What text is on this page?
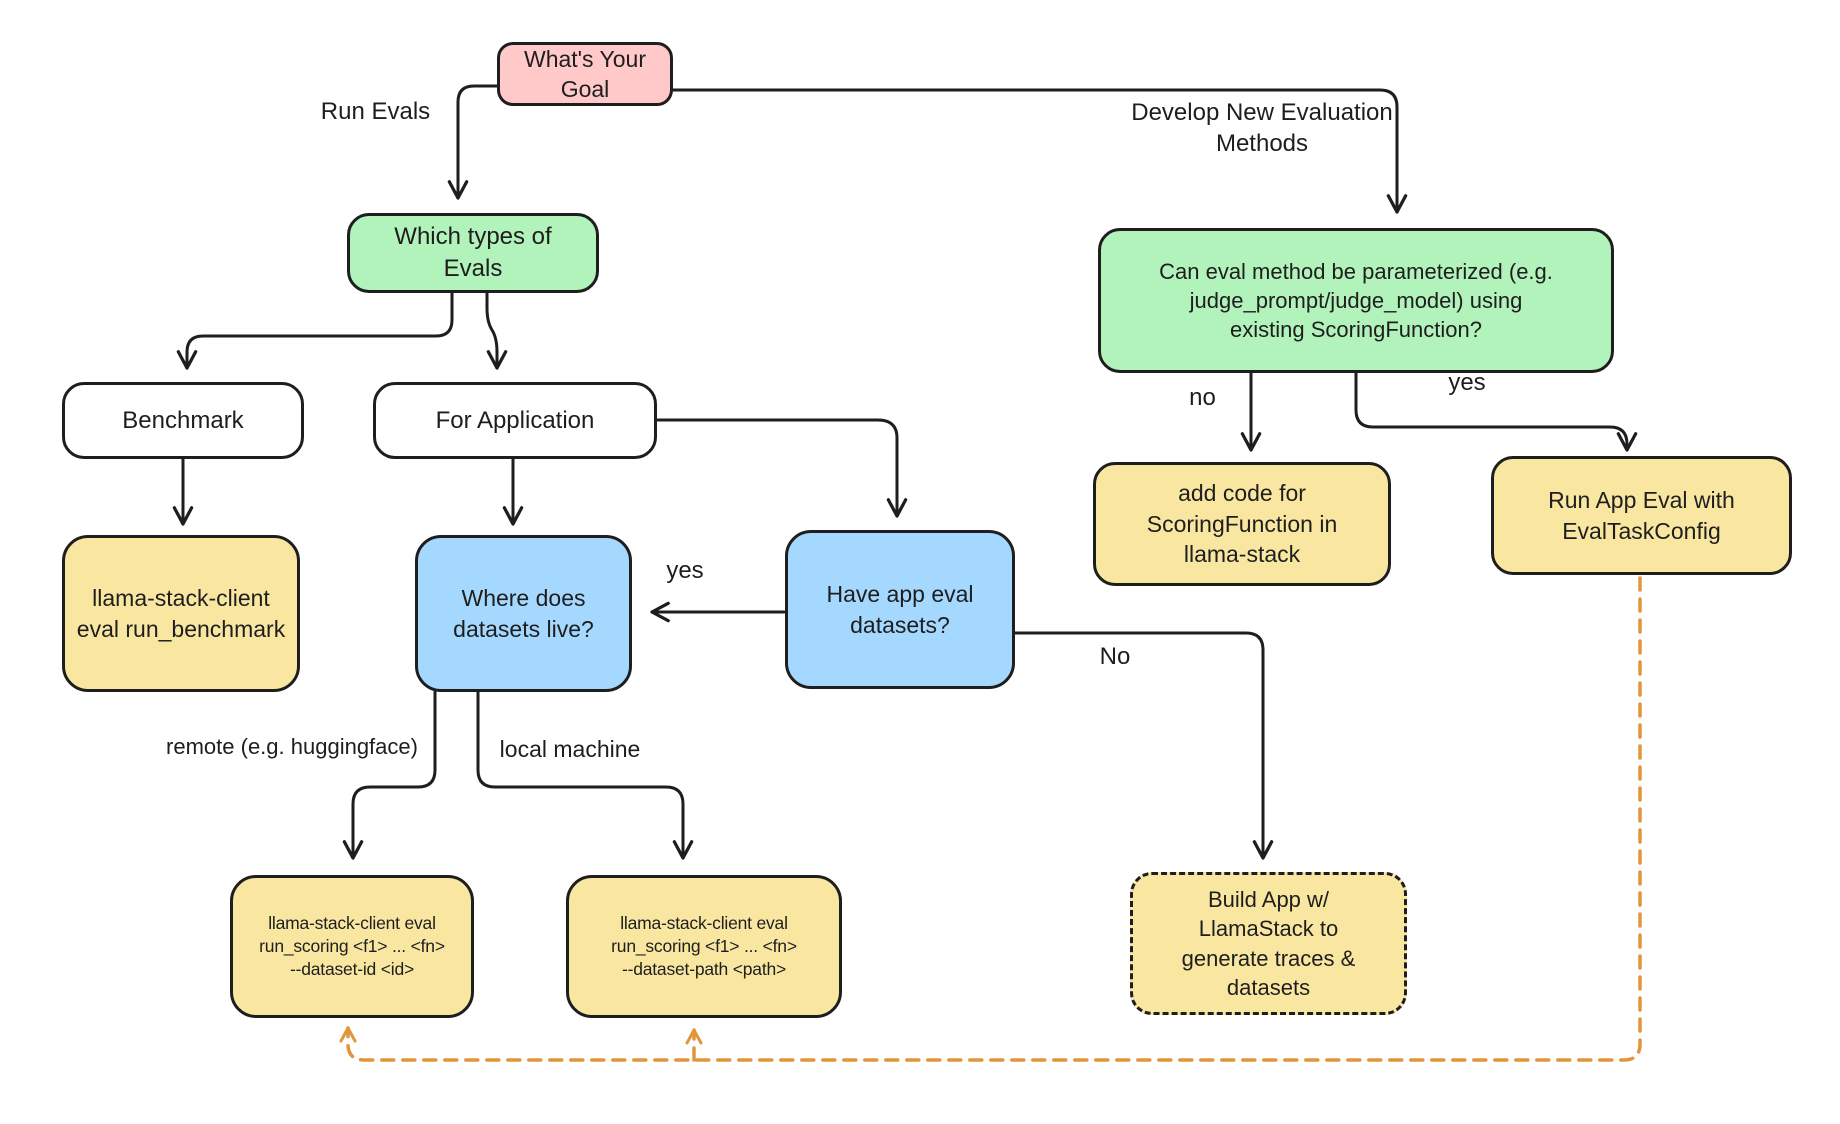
What's Your
Goal
Which types of
Evals
Benchmark	For Application
llama-stack-client
eval run_benchmark
Where does
datasets live?
Have app eval
datasets?
Can eval method be parameterized (e.g.
judge_prompt/judge_model) using
existing ScoringFunction?
add code for
ScoringFunction in
llama-stack
Run App Eval with
EvalTaskConfig
Build App w/
LlamaStack to
generate traces &
datasets
llama-stack-client eval
run_scoring <f1> ... <fn>
--dataset-id <id>
llama-stack-client eval
run_scoring <f1> ... <fn>
--dataset-path <path>
Run Evals	Develop New Evaluation
Methods
yes
No
no
yes
remote (e.g. huggingface)	local machine
